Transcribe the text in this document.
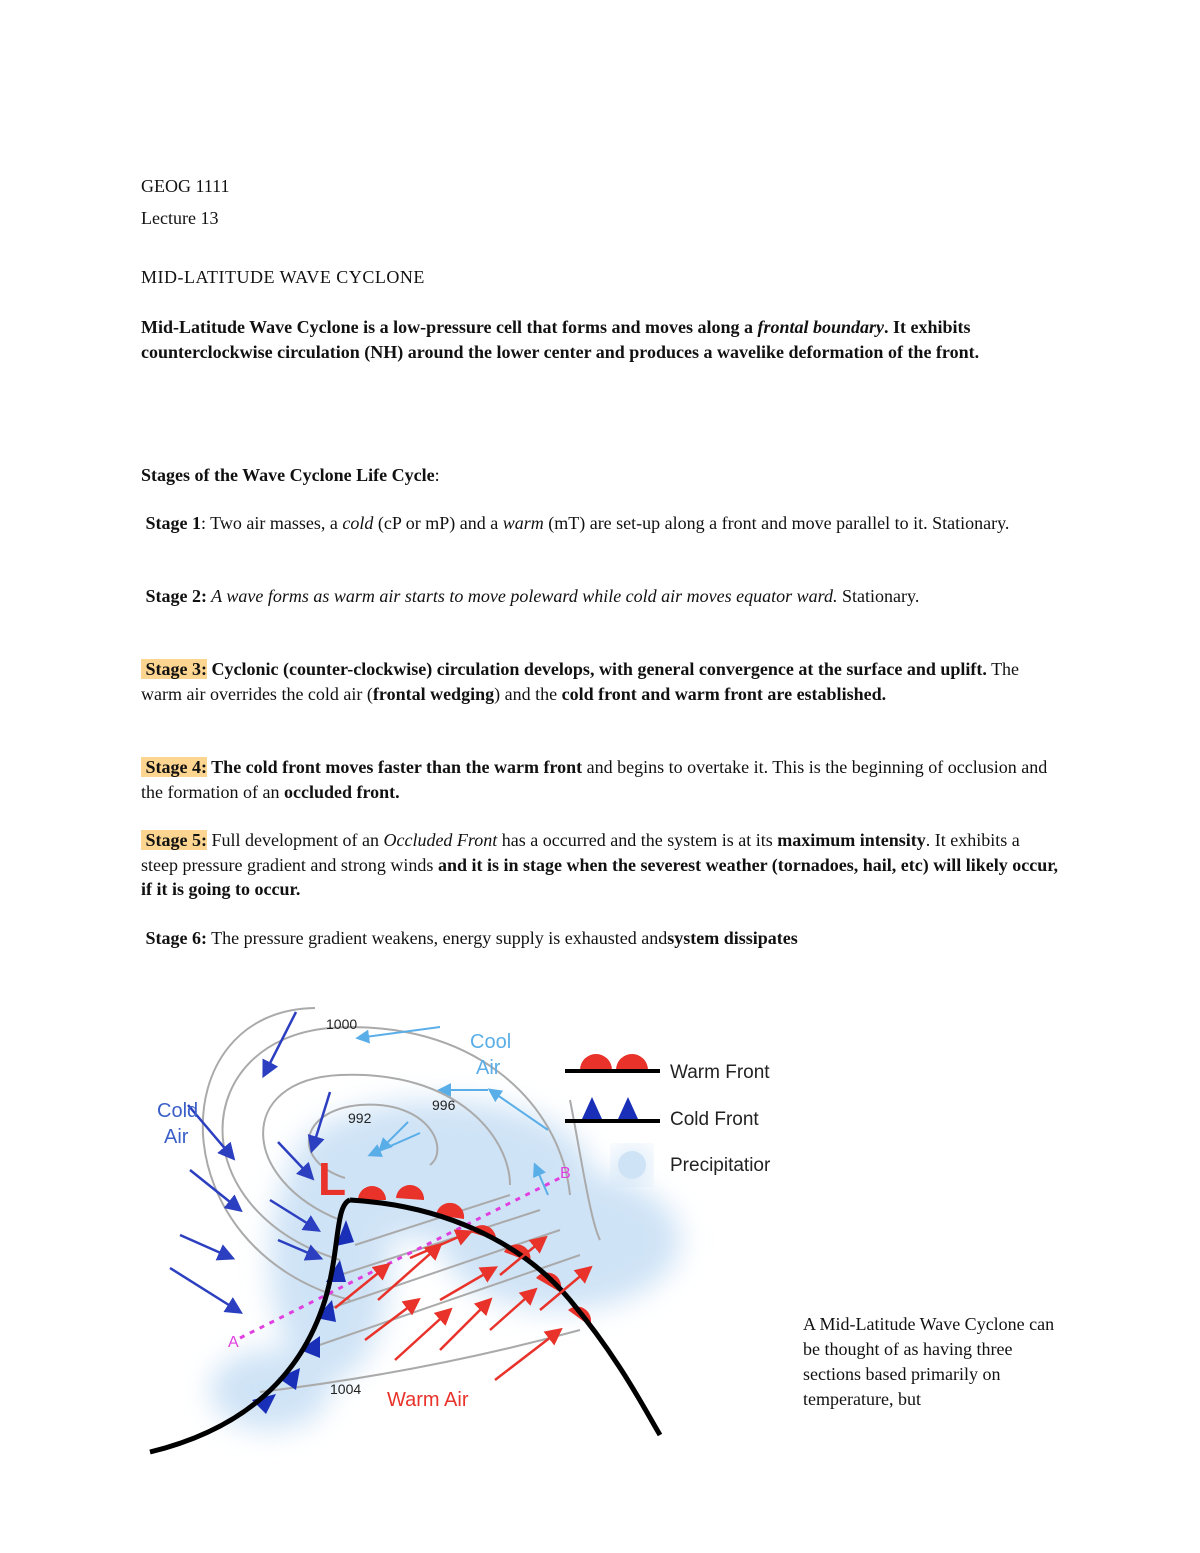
GEOG 1111
Lecture 13
MID-LATITUDE WAVE CYCLONE

Mid-Latitude Wave Cyclone is a low-pressure cell that forms and moves along a frontal boundary. It exhibits counterclockwise circulation (NH) around the lower center and produces a wavelike deformation of the front.

Stages of the Wave Cyclone Life Cycle:

Stage 1: Two air masses, a cold (cP or mP) and a warm (mT) are set-up along a front and move parallel to it. Stationary.

Stage 2: A wave forms as warm air starts to move poleward while cold air moves equator ward. Stationary.

Stage 3: Cyclonic (counter-clockwise) circulation develops, with general convergence at the surface and uplift. The warm air overrides the cold air (frontal wedging) and the cold front and warm front are established.

Stage 4: The cold front moves faster than the warm front and begins to overtake it. This is the beginning of occlusion and the formation of an occluded front.

Stage 5: Full development of an Occluded Front has a occurred and the system is at its maximum intensity. It exhibits a steep pressure gradient and strong winds and it is in stage when the severest weather (tornadoes, hail, etc) will likely occur, if it is going to occur.

Stage 6: The pressure gradient weakens, energy supply is exhausted andsystem dissipates

L
Cold
Air
Cool
Air
Warm Air
1000
996
992
1004
A
B
Warm Front
Cold Front
Precipitatior

A Mid-Latitude Wave Cyclone can be thought of as having three sections based primarily on temperature, but
